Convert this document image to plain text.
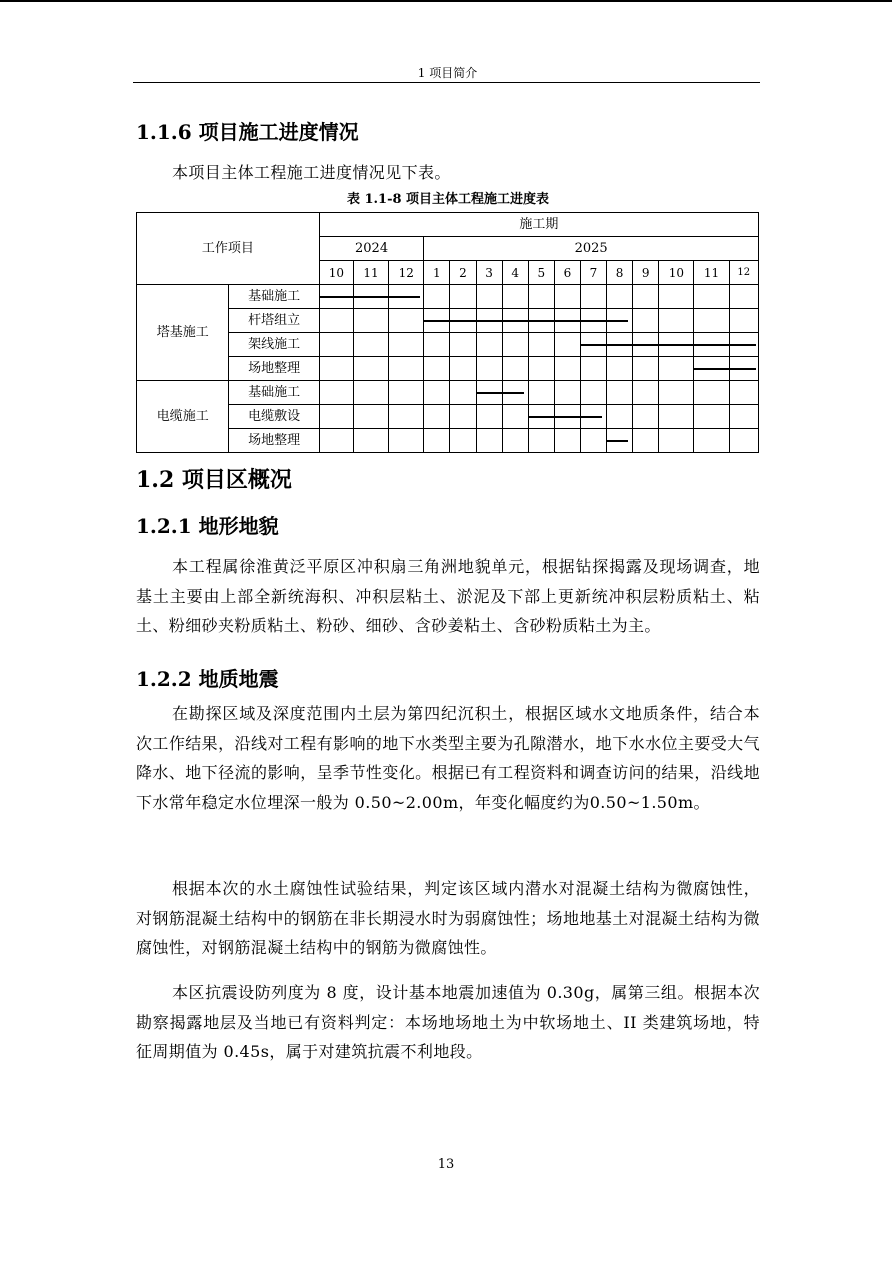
1 项目简介
1.1.6 项目施工进度情况

本项目主体工程施工进度情况见下表。

表 1.1-8 项目主体工程施工进度表
工作项目		施工期														
		2024			2025											
		10	11	12	1	2	3	4	5	6	7	8	9	10	11	12
塔基施工	基础施工															
	杆塔组立															
	架线施工															
	场地整理															
电缆施工	基础施工															
	电缆敷设															
	场地整理															
1.2 项目区概况
1.2.1 地形地貌

本工程属徐淮黄泛平原区冲积扇三角洲地貌单元，根据钻探揭露及现场调查，地基土主要由上部全新统海积、冲积层粘土、淤泥及下部上更新统冲积层粉质粘土、粘土、粉细砂夹粉质粘土、粉砂、细砂、含砂姜粘土、含砂粉质粘土为主。

1.2.2 地质地震

在勘探区域及深度范围内土层为第四纪沉积土，根据区域水文地质条件，结合本次工作结果，沿线对工程有影响的地下水类型主要为孔隙潜水，地下水水位主要受大气降水、地下径流的影响，呈季节性变化。根据已有工程资料和调查访问的结果，沿线地下水常年稳定水位埋深一般为 0.50~2.00m，年变化幅度约为0.50~1.50m。

根据本次的水土腐蚀性试验结果，判定该区域内潜水对混凝土结构为微腐蚀性，对钢筋混凝土结构中的钢筋在非长期浸水时为弱腐蚀性；场地地基土对混凝土结构为微腐蚀性，对钢筋混凝土结构中的钢筋为微腐蚀性。

本区抗震设防列度为 8 度，设计基本地震加速值为 0.30g，属第三组。根据本次勘察揭露地层及当地已有资料判定：本场地场地土为中软场地土、II 类建筑场地，特征周期值为 0.45s，属于对建筑抗震不利地段。

13
